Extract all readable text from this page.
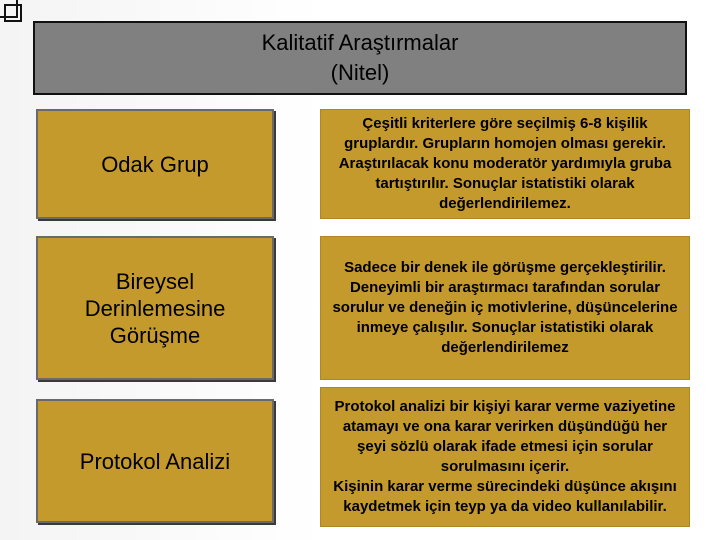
Kalitatif Araştırmalar
(Nitel)
Odak Grup
Çeşitli kriterlere göre seçilmiş 6-8 kişilik gruplardır. Grupların homojen olması gerekir.
Araştırılacak konu moderatör yardımıyla gruba tartıştırılır. Sonuçlar istatistiki olarak değerlendirilemez.
Bireysel
Derinlemesine
Görüşme
Sadece bir denek ile görüşme gerçekleştirilir.
Deneyimli bir araştırmacı tarafından sorular sorulur ve deneğin iç motivlerine, düşüncelerine inmeye çalışılır. Sonuçlar istatistiki olarak değerlendirilemez
Protokol Analizi
Protokol analizi bir kişiyi karar verme vaziyetine atamayı ve ona karar verirken düşündüğü her şeyi sözlü olarak ifade etmesi için sorular sorulmasını içerir.
Kişinin karar verme sürecindeki düşünce akışını kaydetmek için teyp ya da video kullanılabilir.
